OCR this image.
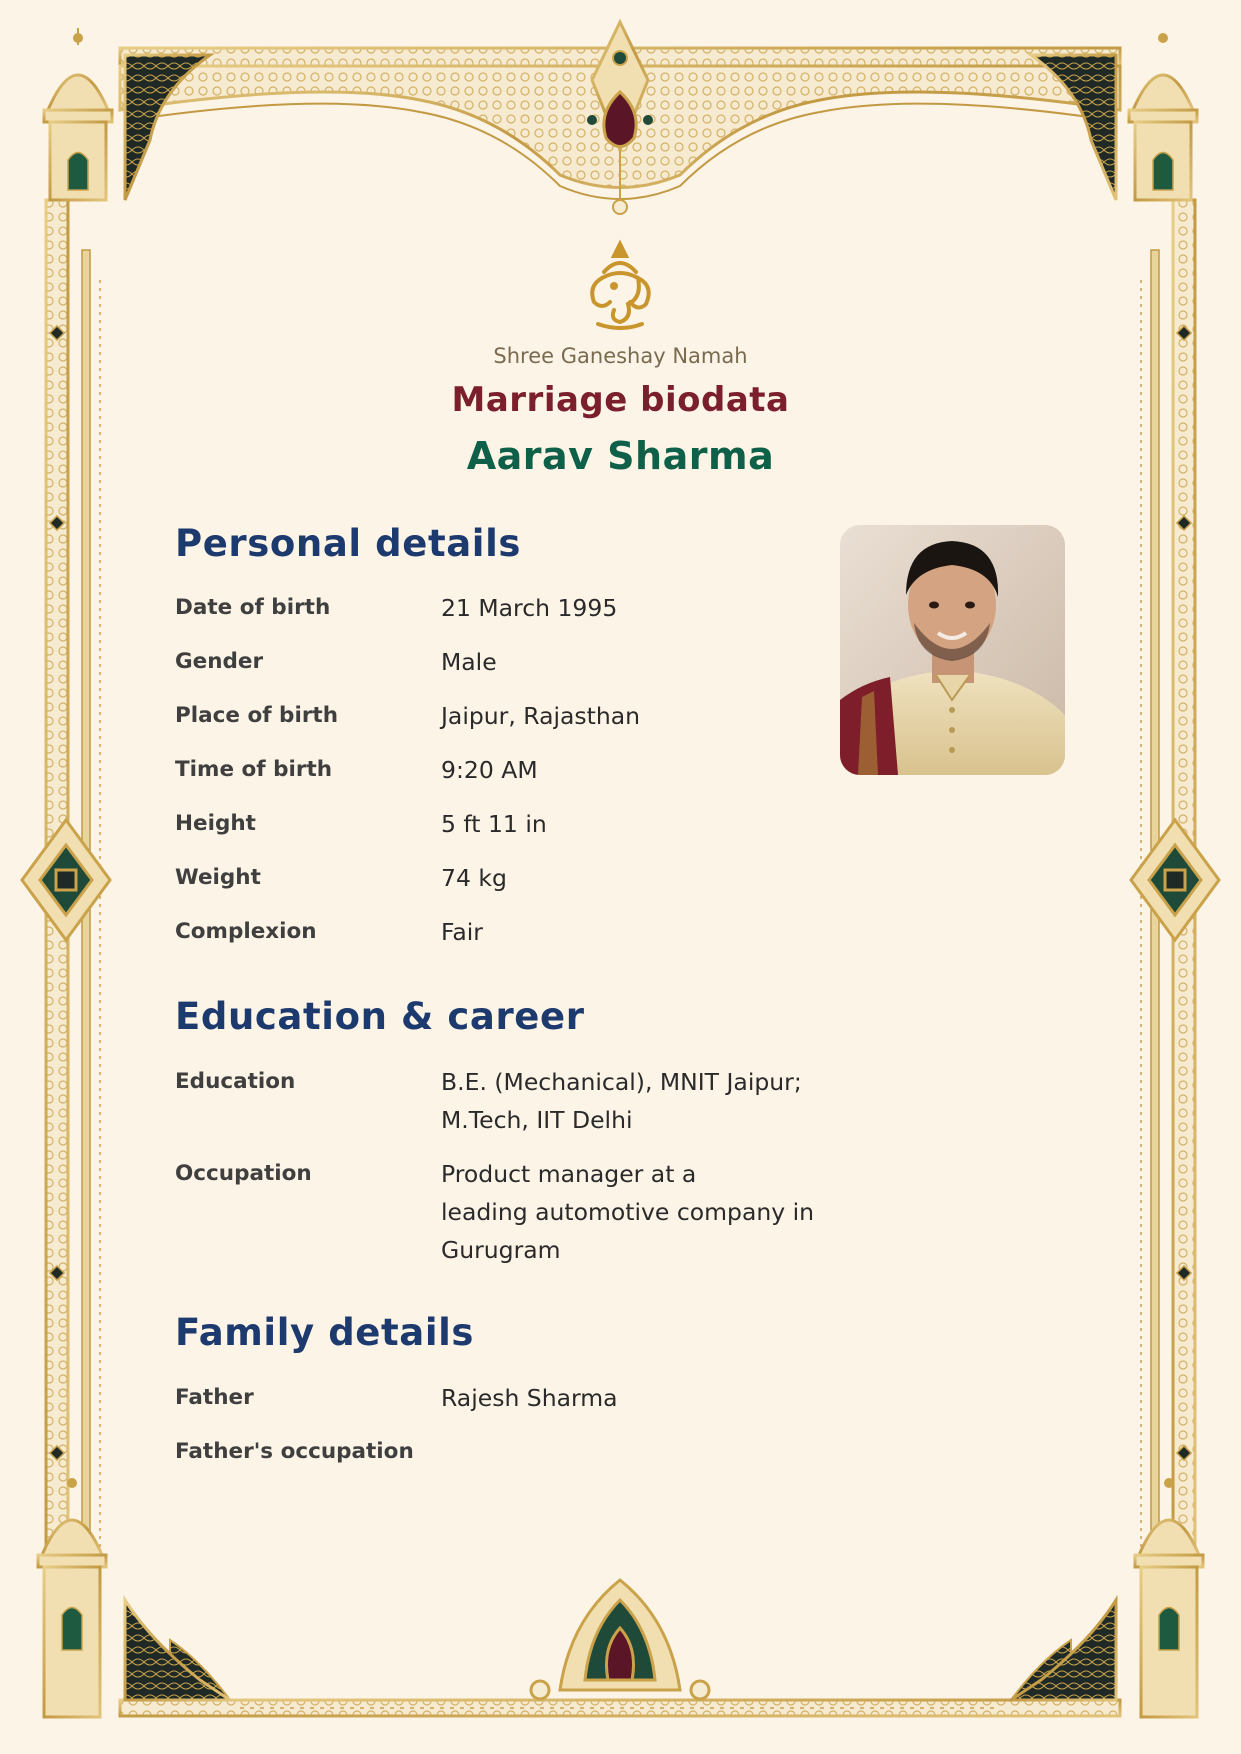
Shree Ganeshay Namah
Marriage biodata
Aarav Sharma
Personal details
Date of birth	21 March 1995
Gender	Male
Place of birth	Jaipur, Rajasthan
Time of birth	9:20 AM
Height	5 ft 11 in
Weight	74 kg
Complexion	Fair
Education & career
Education	B.E. (Mechanical), MNIT Jaipur;
M.Tech, IIT Delhi
Occupation	Product manager at a
leading automotive company in
Gurugram
Family details
Father	Rajesh Sharma
Father's occupation
